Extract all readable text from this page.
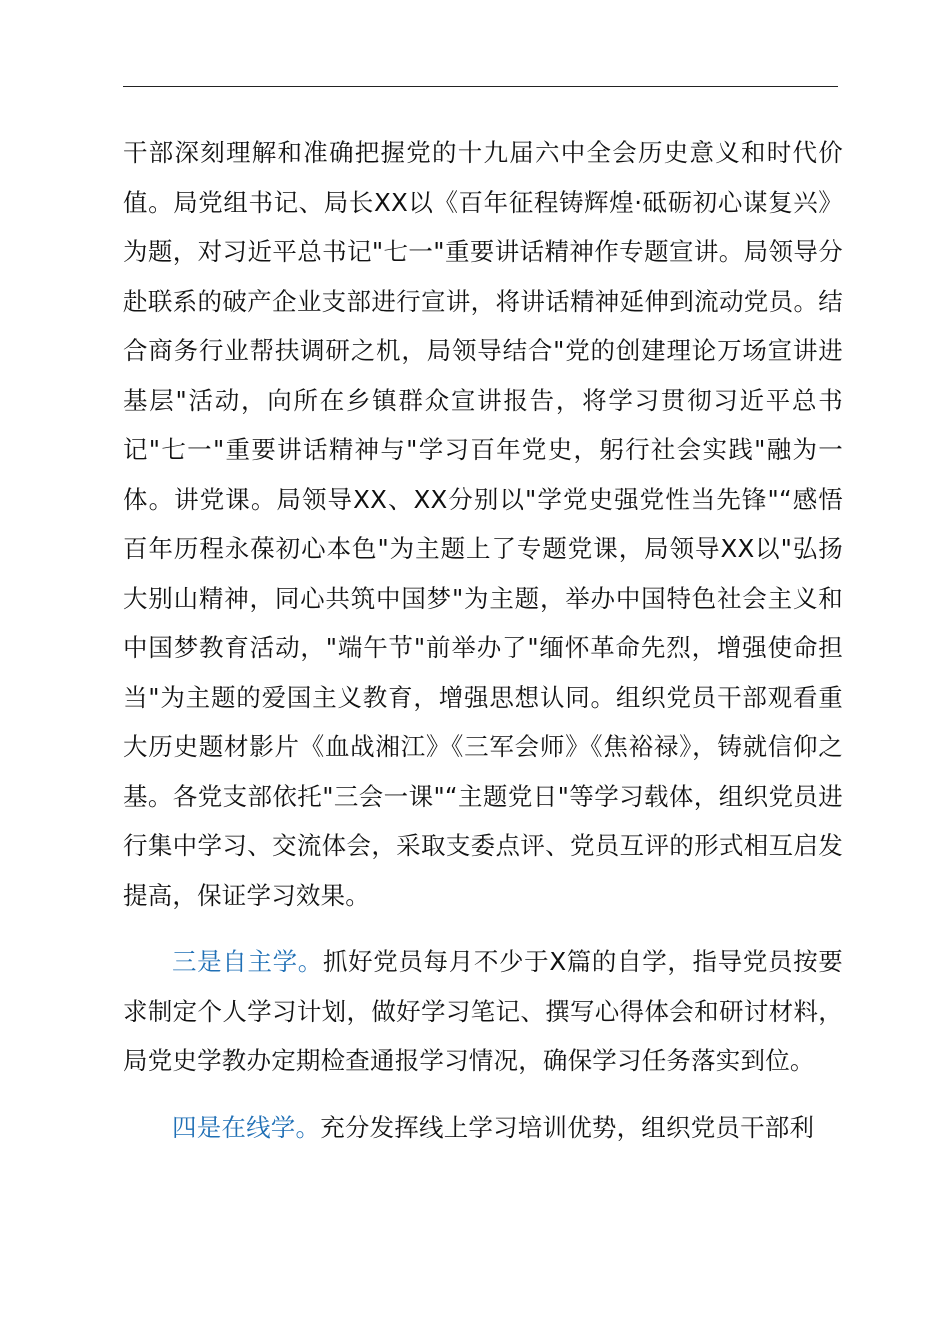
干部深刻理解和准确把握党的十九届六中全会历史意义和时代价值。局党组书记、局长XX以《百年征程铸辉煌·砥砺初心谋复兴》为题，对习近平总书记"七一"重要讲话精神作专题宣讲。局领导分赴联系的破产企业支部进行宣讲，将讲话精神延伸到流动党员。结合商务行业帮扶调研之机，局领导结合"党的创建理论万场宣讲进基层"活动，向所在乡镇群众宣讲报告，将学习贯彻习近平总书记"七一"重要讲话精神与"学习百年党史，躬行社会实践"融为一体。讲党课。局领导XX、XX分别以"学党史强党性当先锋"“感悟百年历程永葆初心本色"为主题上了专题党课，局领导XX以"弘扬大别山精神，同心共筑中国梦"为主题，举办中国特色社会主义和中国梦教育活动，"端午节"前举办了"缅怀革命先烈，增强使命担当"为主题的爱国主义教育，增强思想认同。组织党员干部观看重大历史题材影片《血战湘江》《三军会师》《焦裕禄》，铸就信仰之基。各党支部依托"三会一课"“主题党日"等学习载体，组织党员进行集中学习、交流体会，采取支委点评、党员互评的形式相互启发提高，保证学习效果。

三是自主学。抓好党员每月不少于X篇的自学，指导党员按要求制定个人学习计划，做好学习笔记、撰写心得体会和研讨材料，局党史学教办定期检查通报学习情况，确保学习任务落实到位。

四是在线学。充分发挥线上学习培训优势，组织党员干部利
